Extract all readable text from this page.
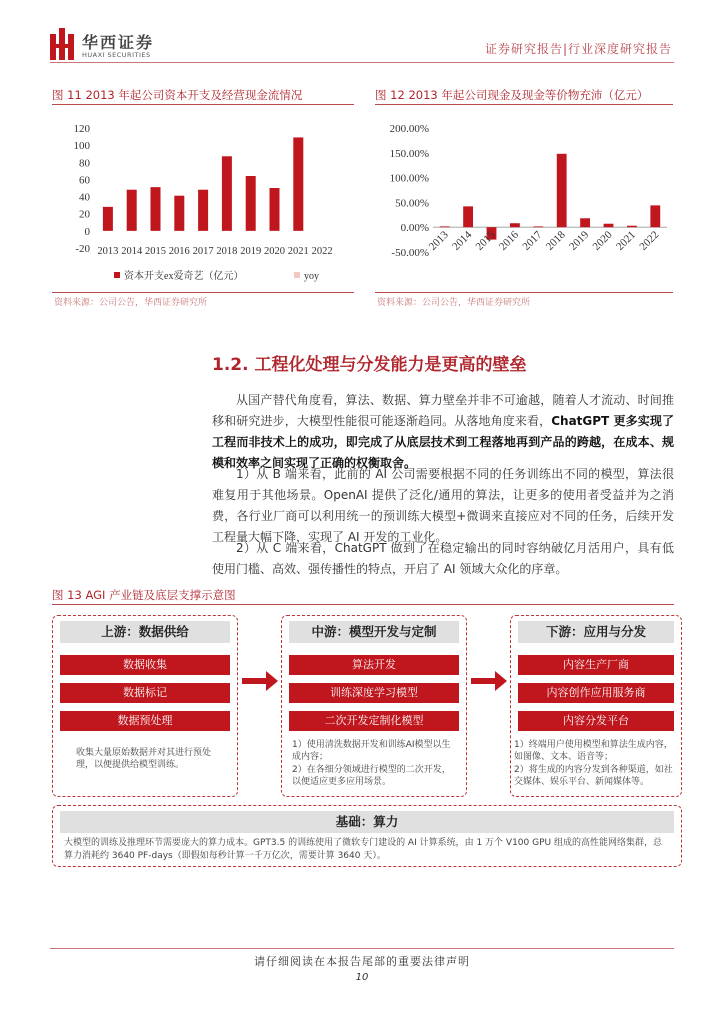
华西证券
HUAXI SECURITIES	证券研究报告|行业深度研究报告
图 11 2013 年起公司资本开支及经营现金流情况
120
100
80
60
40
20
0
-20 2013 2014 2015 2016 2017 2018 2019 2020 2021 2022
资本开支ex爱奇艺（亿元）	yoy
资料来源：公司公告，华西证券研究所
图 12 2013 年起公司现金及现金等价物充沛（亿元）
200.00%
150.00%
100.00%
50.00%
0.00%
-50.00%
2013 2014 2015 2016 2017 2018 2019 2020 2021 2022
资料来源：公司公告，华西证券研究所
1.2. 工程化处理与分发能力是更高的壁垒
从国产替代角度看，算法、数据、算力壁垒并非不可逾越，随着人才流动、时间推移和研究进步，大模型性能很可能逐渐趋同。从落地角度来看，ChatGPT 更多实现了工程而非技术上的成功，即完成了从底层技术到工程落地再到产品的跨越，在成本、规模和效率之间实现了正确的权衡取舍。
1）从 B 端来看，此前的 AI 公司需要根据不同的任务训练出不同的模型，算法很难复用于其他场景。OpenAI 提供了泛化/通用的算法，让更多的使用者受益并为之消费，各行业厂商可以利用统一的预训练大模型+微调来直接应对不同的任务，后续开发工程量大幅下降，实现了 AI 开发的工业化。
2）从 C 端来看，ChatGPT 做到了在稳定输出的同时容纳破亿月活用户，具有低使用门槛、高效、强传播性的特点，开启了 AI 领域大众化的序章。
图 13 AGI 产业链及底层支撑示意图
上游：数据供给
数据收集
数据标记
数据预处理
收集大量原始数据并对其进行预处理，以便提供给模型训练。
中游：模型开发与定制
算法开发
训练深度学习模型
二次开发定制化模型
1）使用清洗数据开发和训练AI模型以生成内容；
2）在各细分领域进行模型的二次开发，以便适应更多应用场景。
下游：应用与分发
内容生产厂商
内容创作应用服务商
内容分发平台
1）终端用户使用模型和算法生成内容，如图像、文本、语音等；
2）将生成的内容分发到各种渠道，如社交媒体、娱乐平台、新闻媒体等。
基础：算力
大模型的训练及推理环节需要庞大的算力成本。GPT3.5 的训练使用了微软专门建设的 AI 计算系统，由 1 万个 V100 GPU 组成的高性能网络集群，总算力消耗约 3640 PF-days（即假如每秒计算一千万亿次，需要计算 3640 天）。
请仔细阅读在本报告尾部的重要法律声明
10
